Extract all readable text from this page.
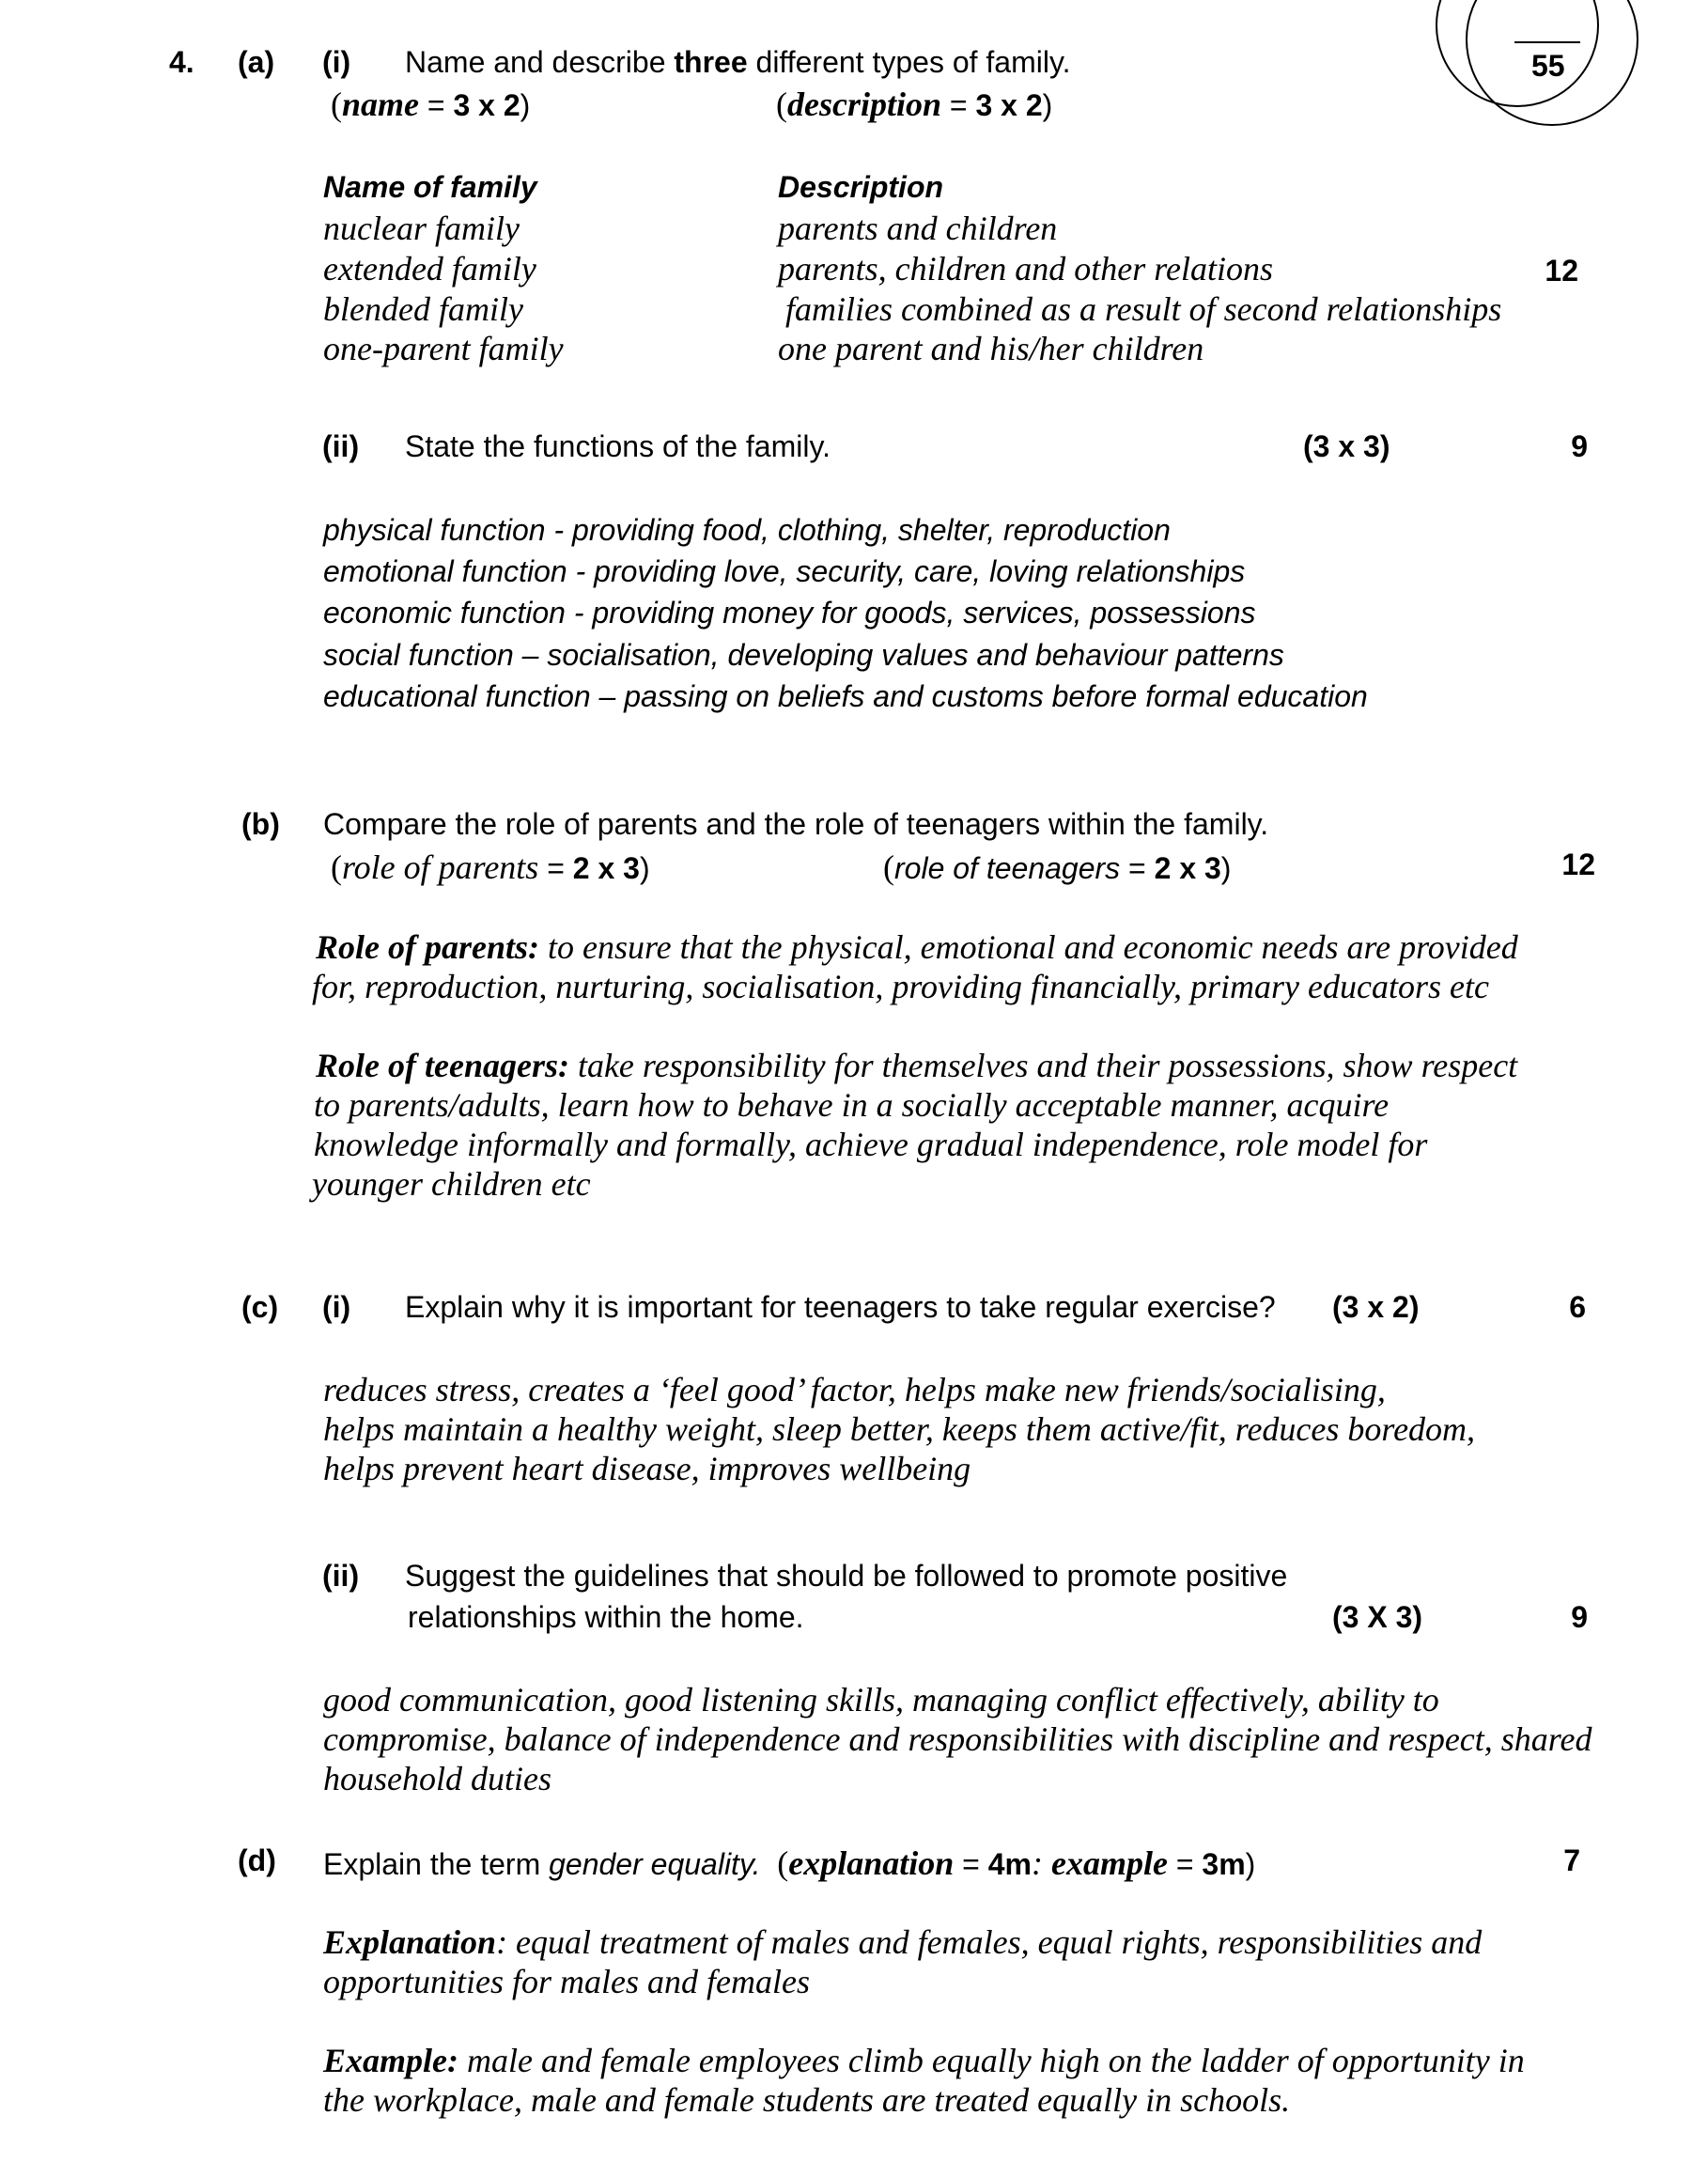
55
4. (a) (i) Name and describe three different types of family.
(name = 3 x 2)	(description = 3 x 2)
Name of family	Description
nuclear family	parents and children
extended family	parents, children and other relations
blended family	families combined as a result of second relationships
one-parent family	one parent and his/her children
12
(ii) State the functions of the family.	(3 x 3)	9
physical function - providing food, clothing, shelter, reproduction
emotional function - providing love, security, care, loving relationships
economic function - providing money for goods, services, possessions
social function – socialisation, developing values and behaviour patterns
educational function – passing on beliefs and customs before formal education
(b) Compare the role of parents and the role of teenagers within the family.
(role of parents = 2 x 3)	(role of teenagers = 2 x 3)	12
Role of parents: to ensure that the physical, emotional and economic needs are provided
for, reproduction, nurturing, socialisation, providing financially, primary educators etc
Role of teenagers: take responsibility for themselves and their possessions, show respect
to parents/adults, learn how to behave in a socially acceptable manner, acquire
knowledge informally and formally, achieve gradual independence, role model for
younger children etc
(c) (i) Explain why it is important for teenagers to take regular exercise? (3 x 2)	6
reduces stress, creates a ‘feel good’ factor, helps make new friends/socialising,
helps maintain a healthy weight, sleep better, keeps them active/fit, reduces boredom,
helps prevent heart disease, improves wellbeing
(ii) Suggest the guidelines that should be followed to promote positive
relationships within the home.	(3 X 3)	9
good communication, good listening skills, managing conflict effectively, ability to
compromise, balance of independence and responsibilities with discipline and respect, shared
household duties
(d) Explain the term gender equality. (explanation = 4m: example = 3m)	7
Explanation: equal treatment of males and females, equal rights, responsibilities and
opportunities for males and females
Example: male and female employees climb equally high on the ladder of opportunity in
the workplace, male and female students are treated equally in schools.
